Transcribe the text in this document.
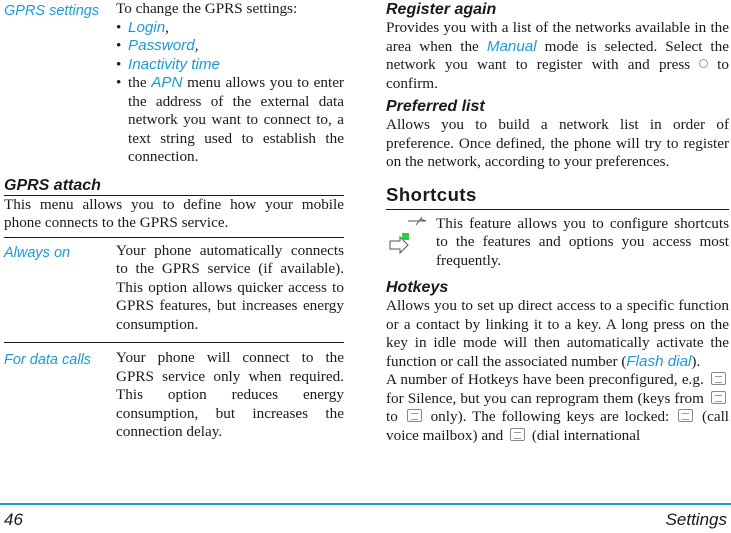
GPRS settings	To change the GPRS settings:
• Login,
• Password,
• Inactivity time
• the APN menu allows you to enter the address of the external data network you want to connect to, a text string used to establish the connection.
GPRS attach

This menu allows you to define how your mobile phone connects to the GPRS service.

Always on	Your phone automatically connects to the GPRS service (if available). This option allows quicker access to GPRS features, but increases energy consumption.
For data calls	Your phone will connect to the GPRS service only when required. This option reduces energy consumption, but increases the connection delay.
Register again

Provides you with a list of the networks available in the area when the Manual mode is selected. Select the network you want to register with and press to confirm.

Preferred list

Allows you to build a network list in order of preference. Once defined, the phone will try to register on the network, according to your preferences.

Shortcuts
This feature allows you to configure shortcuts to the features and options you access most frequently.
Hotkeys

Allows you to set up direct access to a specific function or a contact by linking it to a key. A long press on the key in idle mode will then automatically activate the function or call the associated number (Flash dial).

A number of Hotkeys have been preconfigured, e.g.  for Silence, but you can reprogram them (keys from  to only). The following keys are locked: (call voice mailbox) and (dial international

46	Settings
